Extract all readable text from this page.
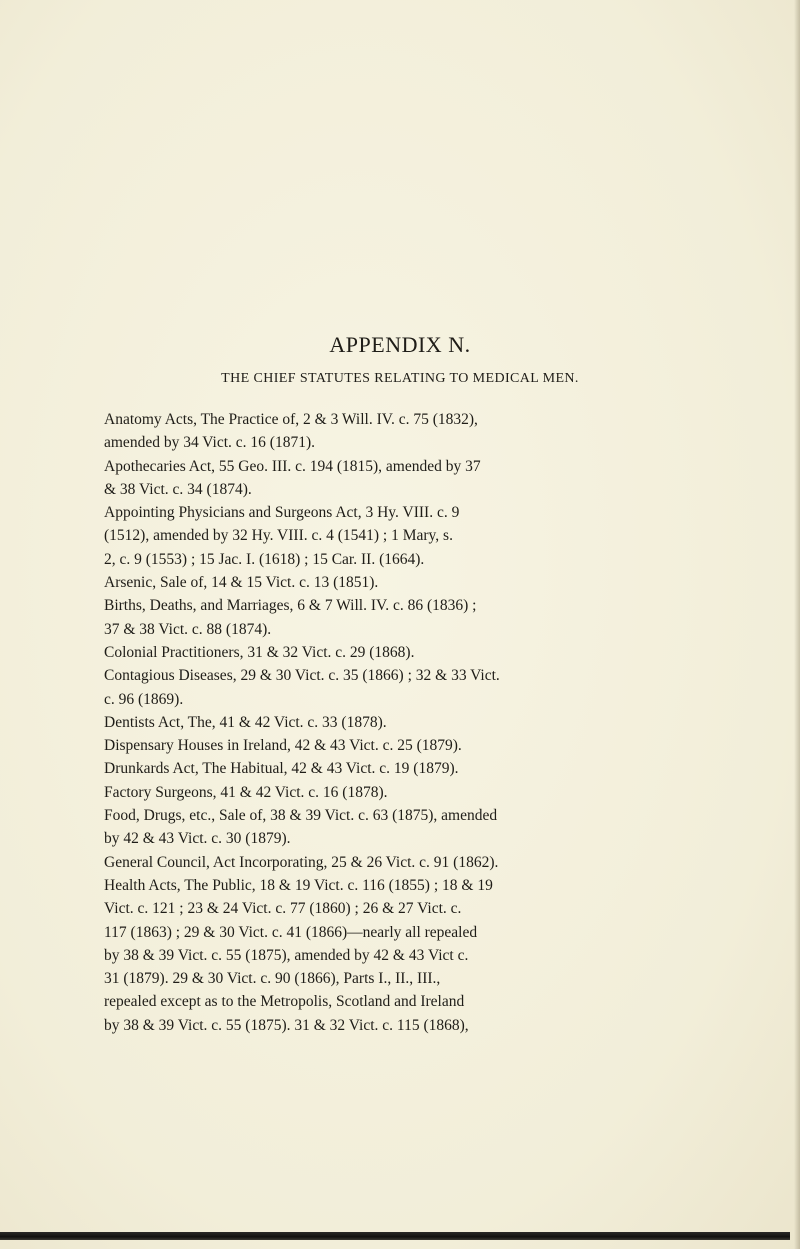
APPENDIX N.
THE CHIEF STATUTES RELATING TO MEDICAL MEN.

Anatomy Acts, The Practice of, 2 & 3 Will. IV. c. 75 (1832),
amended by 34 Vict. c. 16 (1871).

Apothecaries Act, 55 Geo. III. c. 194 (1815), amended by 37
& 38 Vict. c. 34 (1874).

Appointing Physicians and Surgeons Act, 3 Hy. VIII. c. 9
(1512), amended by 32 Hy. VIII. c. 4 (1541) ; 1 Mary, s.
2, c. 9 (1553) ; 15 Jac. I. (1618) ; 15 Car. II. (1664).

Arsenic, Sale of, 14 & 15 Vict. c. 13 (1851).

Births, Deaths, and Marriages, 6 & 7 Will. IV. c. 86 (1836) ;
37 & 38 Vict. c. 88 (1874).

Colonial Practitioners, 31 & 32 Vict. c. 29 (1868).

Contagious Diseases, 29 & 30 Vict. c. 35 (1866) ; 32 & 33 Vict.
c. 96 (1869).

Dentists Act, The, 41 & 42 Vict. c. 33 (1878).

Dispensary Houses in Ireland, 42 & 43 Vict. c. 25 (1879).

Drunkards Act, The Habitual, 42 & 43 Vict. c. 19 (1879).

Factory Surgeons, 41 & 42 Vict. c. 16 (1878).

Food, Drugs, etc., Sale of, 38 & 39 Vict. c. 63 (1875), amended
by 42 & 43 Vict. c. 30 (1879).

General Council, Act Incorporating, 25 & 26 Vict. c. 91 (1862).

Health Acts, The Public, 18 & 19 Vict. c. 116 (1855) ; 18 & 19
Vict. c. 121 ; 23 & 24 Vict. c. 77 (1860) ; 26 & 27 Vict. c.
117 (1863) ; 29 & 30 Vict. c. 41 (1866)—nearly all repealed
by 38 & 39 Vict. c. 55 (1875), amended by 42 & 43 Vict c.
31 (1879). 29 & 30 Vict. c. 90 (1866), Parts I., II., III.,
repealed except as to the Metropolis, Scotland and Ireland
by 38 & 39 Vict. c. 55 (1875). 31 & 32 Vict. c. 115 (1868),
